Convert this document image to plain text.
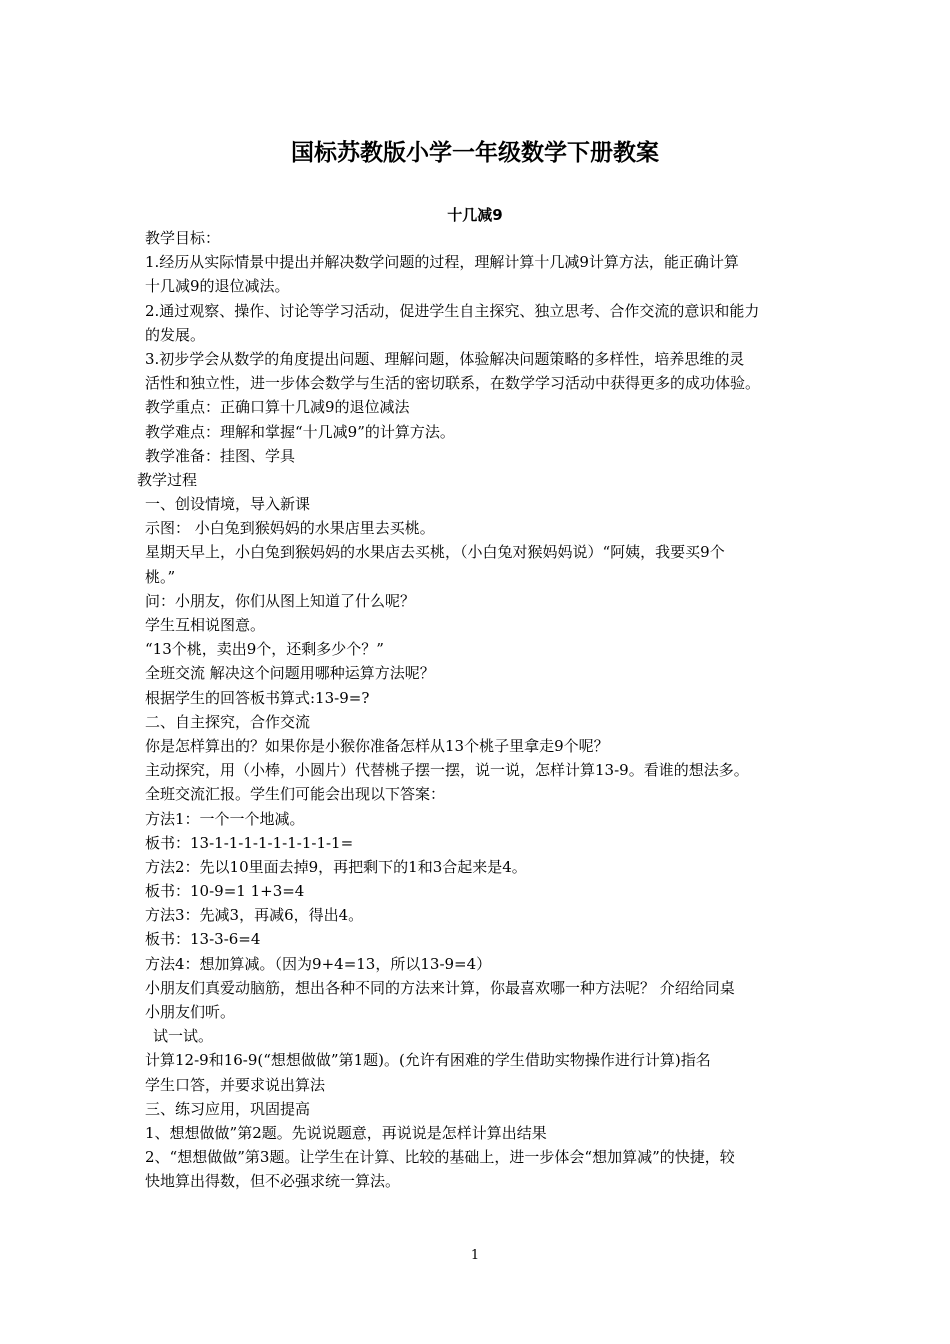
国标苏教版小学一年级数学下册教案
十几减9
教学目标：
1.经历从实际情景中提出并解决数学问题的过程，理解计算十几减9计算方法，能正确计算
十几减9的退位减法。
2.通过观察、操作、讨论等学习活动，促进学生自主探究、独立思考、合作交流的意识和能力
的发展。
3.初步学会从数学的角度提出问题、理解问题，体验解决问题策略的多样性，培养思维的灵
活性和独立性，进一步体会数学与生活的密切联系，在数学学习活动中获得更多的成功体验。
教学重点：正确口算十几减9的退位减法
教学难点：理解和掌握“十几减9”的计算方法。
教学准备：挂图、学具
教学过程
一、创设情境，导入新课
示图： 小白兔到猴妈妈的水果店里去买桃。
星期天早上，小白兔到猴妈妈的水果店去买桃，（小白兔对猴妈妈说）“阿姨，我要买9个
桃。”
问：小朋友，你们从图上知道了什么呢？
学生互相说图意。
“13个桃，卖出9个，还剩多少个？”
全班交流 解决这个问题用哪种运算方法呢？
根据学生的回答板书算式:13-9=?
二、自主探究，合作交流
你是怎样算出的？如果你是小猴你准备怎样从13个桃子里拿走9个呢？
主动探究，用（小棒，小圆片）代替桃子摆一摆，说一说，怎样计算13-9。看谁的想法多。
全班交流汇报。学生们可能会出现以下答案：
方法1：一个一个地减。
板书：13-1-1-1-1-1-1-1-1-1=
方法2：先以10里面去掉9，再把剩下的1和3合起来是4。
板书：10-9=1 1+3=4
方法3：先减3，再减6，得出4。
板书：13-3-6=4
方法4：想加算减。（因为9+4=13，所以13-9=4）
小朋友们真爱动脑筋，想出各种不同的方法来计算，你最喜欢哪一种方法呢？ 介绍给同桌
小朋友们听。
试一试。
计算12-9和16-9(“想想做做”第1题)。(允许有困难的学生借助实物操作进行计算)指名
学生口答，并要求说出算法
三、练习应用，巩固提高
1、想想做做”第2题。先说说题意，再说说是怎样计算出结果
2、“想想做做”第3题。让学生在计算、比较的基础上，进一步体会“想加算减”的快捷，较
快地算出得数，但不必强求统一算法。
1
